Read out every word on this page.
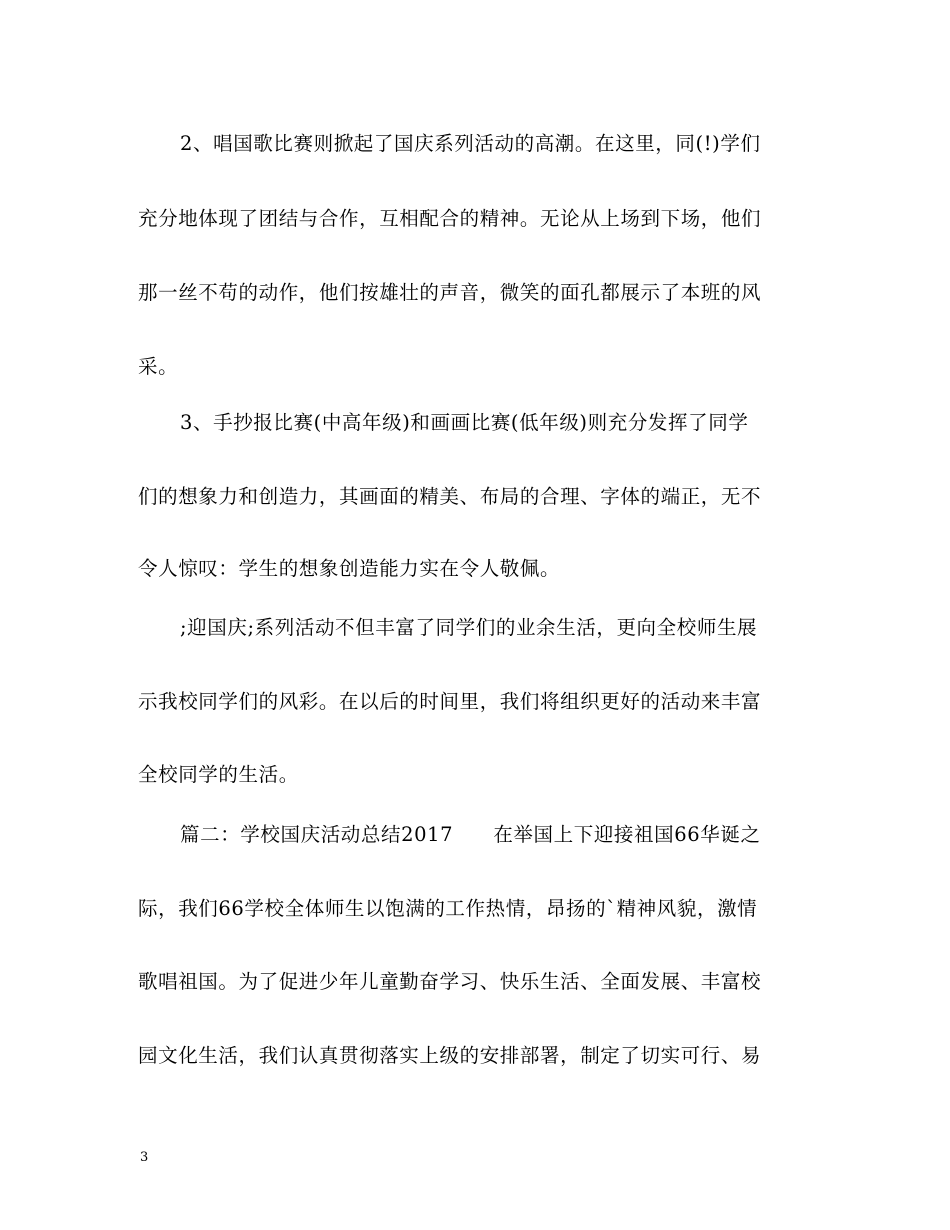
2、唱国歌比赛则掀起了国庆系列活动的高潮。在这里，同(!)学们
充分地体现了团结与合作，互相配合的精神。无论从上场到下场，他们
那一丝不苟的动作，他们按雄壮的声音，微笑的面孔都展示了本班的风
采。
3、手抄报比赛(中高年级)和画画比赛(低年级)则充分发挥了同学
们的想象力和创造力，其画面的精美、布局的合理、字体的端正，无不
令人惊叹：学生的想象创造能力实在令人敬佩。
;迎国庆;系列活动不但丰富了同学们的业余生活，更向全校师生展
示我校同学们的风彩。在以后的时间里，我们将组织更好的活动来丰富
全校同学的生活。
篇二：学校国庆活动总结2017　　在举国上下迎接祖国66华诞之
际，我们66学校全体师生以饱满的工作热情，昂扬的`精神风貌，激情
歌唱祖国。为了促进少年儿童勤奋学习、快乐生活、全面发展、丰富校
园文化生活，我们认真贯彻落实上级的安排部署，制定了切实可行、易
3
